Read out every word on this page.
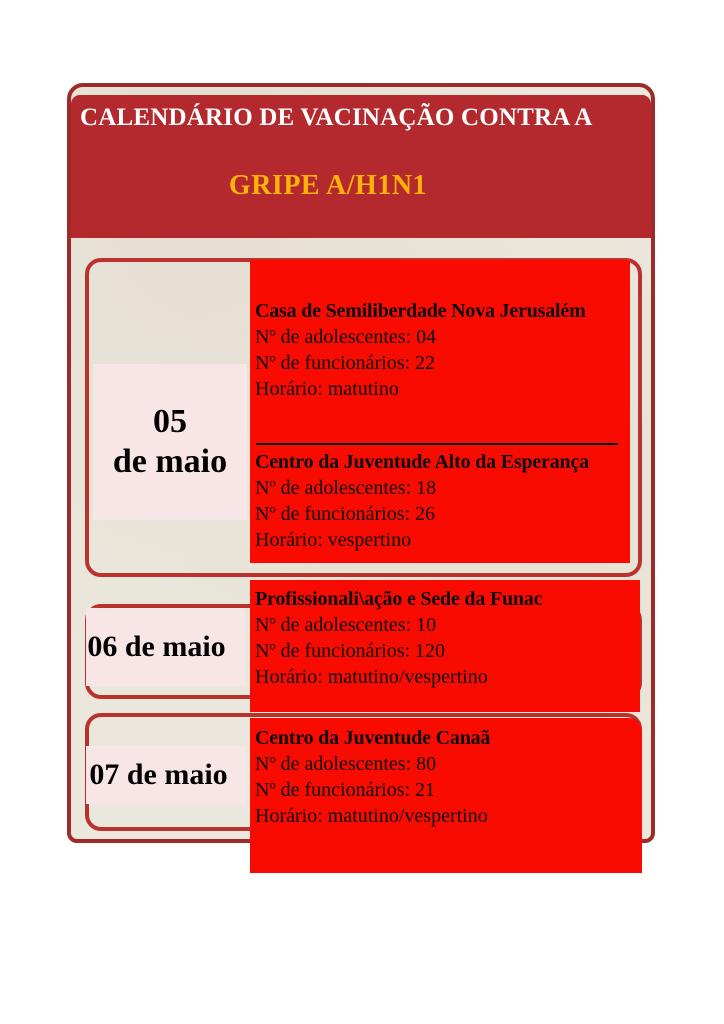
CALENDÁRIO DE VACINAÇÃO CONTRA A
GRIPE A/H1N1
Casa de Semiliberdade Nova Jerusalém
Nº de adolescentes: 04
Nº de funcionários: 22
Horário: matutino
Centro da Juventude Alto da Esperança
Nº de adolescentes: 18
Nº de funcionários: 26
Horário: vespertino
Profissionali\ação e Sede da Funac
Nº de adolescentes: 10
Nº de funcionários: 120
Horário: matutino/vespertino
Centro da Juventude Canaã
Nº de adolescentes: 80
Nº de funcionários: 21
Horário: matutino/vespertino
05
de maio
06 de maio
07 de maio
